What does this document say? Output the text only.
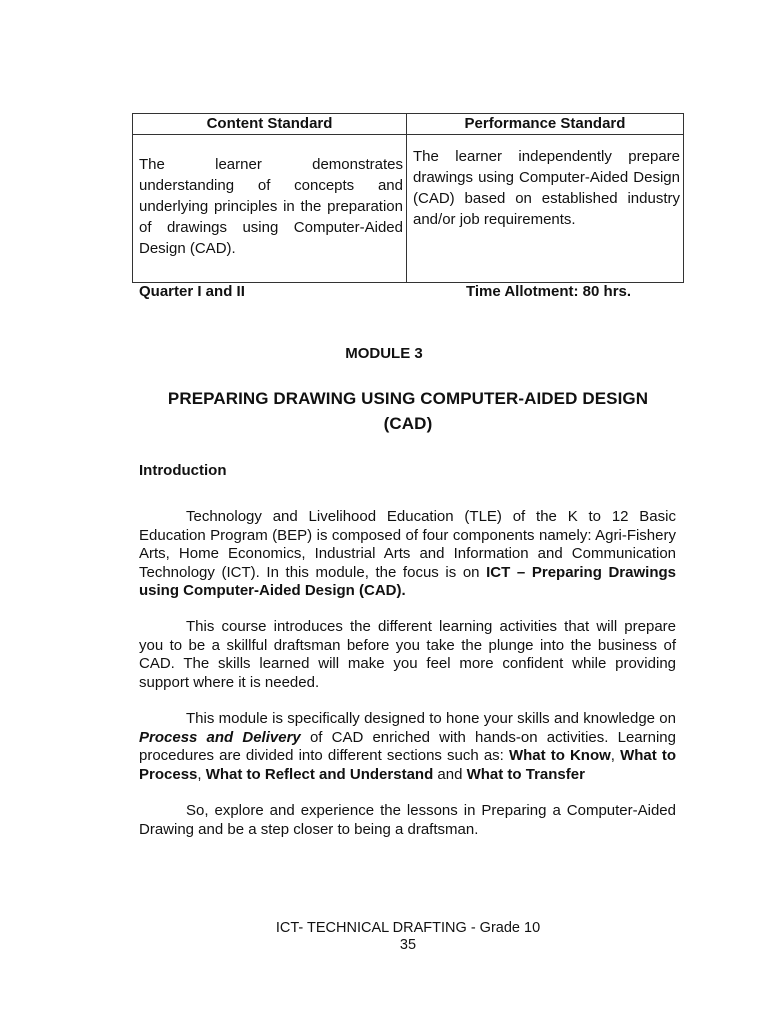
Content Standard	Performance Standard
The learner demonstrates understanding of concepts and underlying principles in the preparation of drawings using Computer-Aided Design (CAD).	The learner independently prepare drawings using Computer-Aided Design (CAD) based on established industry and/or job requirements.
Quarter I and II	Time Allotment: 80 hrs.
MODULE 3
PREPARING DRAWING USING COMPUTER-AIDED DESIGN
(CAD)
Introduction

Technology and Livelihood Education (TLE) of the K to 12 Basic Education Program (BEP) is composed of four components namely: Agri-Fishery Arts, Home Economics, Industrial Arts and Information and Communication Technology (ICT). In this module, the focus is on ICT – Preparing Drawings using Computer-Aided Design (CAD).

This course introduces the different learning activities that will prepare you to be a skillful draftsman before you take the plunge into the business of CAD. The skills learned will make you feel more confident while providing support where it is needed.

This module is specifically designed to hone your skills and knowledge on Process and Delivery of CAD enriched with hands-on activities. Learning procedures are divided into different sections such as: What to Know, What to Process, What to Reflect and Understand and What to Transfer

So, explore and experience the lessons in Preparing a Computer-Aided Drawing and be a step closer to being a draftsman.

ICT- TECHNICAL DRAFTING - Grade 10
35
